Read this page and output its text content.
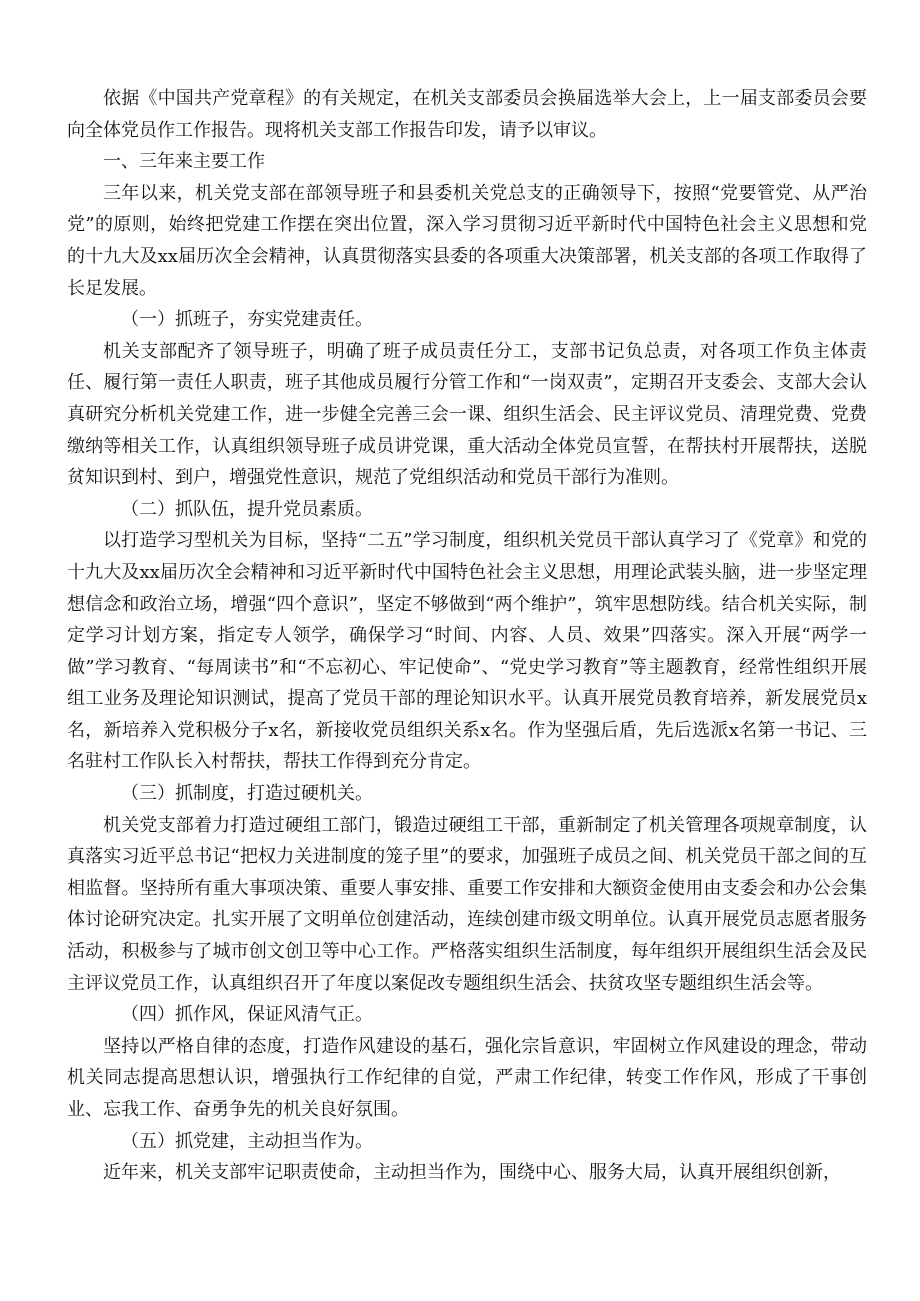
依据《中国共产党章程》的有关规定，在机关支部委员会换届选举大会上，上一届支部委员会要向全体党员作工作报告。现将机关支部工作报告印发，请予以审议。

一、三年来主要工作

三年以来，机关党支部在部领导班子和县委机关党总支的正确领导下，按照“党要管党、从严治党”的原则，始终把党建工作摆在突出位置，深入学习贯彻习近平新时代中国特色社会主义思想和党的十九大及xx届历次全会精神，认真贯彻落实县委的各项重大决策部署，机关支部的各项工作取得了长足发展。

（一）抓班子，夯实党建责任。

机关支部配齐了领导班子，明确了班子成员责任分工，支部书记负总责，对各项工作负主体责任、履行第一责任人职责，班子其他成员履行分管工作和“一岗双责”，定期召开支委会、支部大会认真研究分析机关党建工作，进一步健全完善三会一课、组织生活会、民主评议党员、清理党费、党费缴纳等相关工作，认真组织领导班子成员讲党课，重大活动全体党员宣誓，在帮扶村开展帮扶，送脱贫知识到村、到户，增强党性意识，规范了党组织活动和党员干部行为准则。

（二）抓队伍，提升党员素质。

以打造学习型机关为目标，坚持“二五”学习制度，组织机关党员干部认真学习了《党章》和党的十九大及xx届历次全会精神和习近平新时代中国特色社会主义思想，用理论武装头脑，进一步坚定理想信念和政治立场，增强“四个意识”，坚定不够做到“两个维护”，筑牢思想防线。结合机关实际，制定学习计划方案，指定专人领学，确保学习“时间、内容、人员、效果”四落实。深入开展“两学一做”学习教育、“每周读书”和“不忘初心、牢记使命”、“党史学习教育”等主题教育，经常性组织开展组工业务及理论知识测试，提高了党员干部的理论知识水平。认真开展党员教育培养，新发展党员x名，新培养入党积极分子x名，新接收党员组织关系x名。作为坚强后盾，先后选派x名第一书记、三名驻村工作队长入村帮扶，帮扶工作得到充分肯定。

（三）抓制度，打造过硬机关。

机关党支部着力打造过硬组工部门，锻造过硬组工干部，重新制定了机关管理各项规章制度，认真落实习近平总书记“把权力关进制度的笼子里”的要求，加强班子成员之间、机关党员干部之间的互相监督。坚持所有重大事项决策、重要人事安排、重要工作安排和大额资金使用由支委会和办公会集体讨论研究决定。扎实开展了文明单位创建活动，连续创建市级文明单位。认真开展党员志愿者服务活动，积极参与了城市创文创卫等中心工作。严格落实组织生活制度，每年组织开展组织生活会及民主评议党员工作，认真组织召开了年度以案促改专题组织生活会、扶贫攻坚专题组织生活会等。

（四）抓作风，保证风清气正。

坚持以严格自律的态度，打造作风建设的基石，强化宗旨意识，牢固树立作风建设的理念，带动机关同志提高思想认识，增强执行工作纪律的自觉，严肃工作纪律，转变工作作风，形成了干事创业、忘我工作、奋勇争先的机关良好氛围。

（五）抓党建，主动担当作为。

近年来，机关支部牢记职责使命，主动担当作为，围绕中心、服务大局，认真开展组织创新，
